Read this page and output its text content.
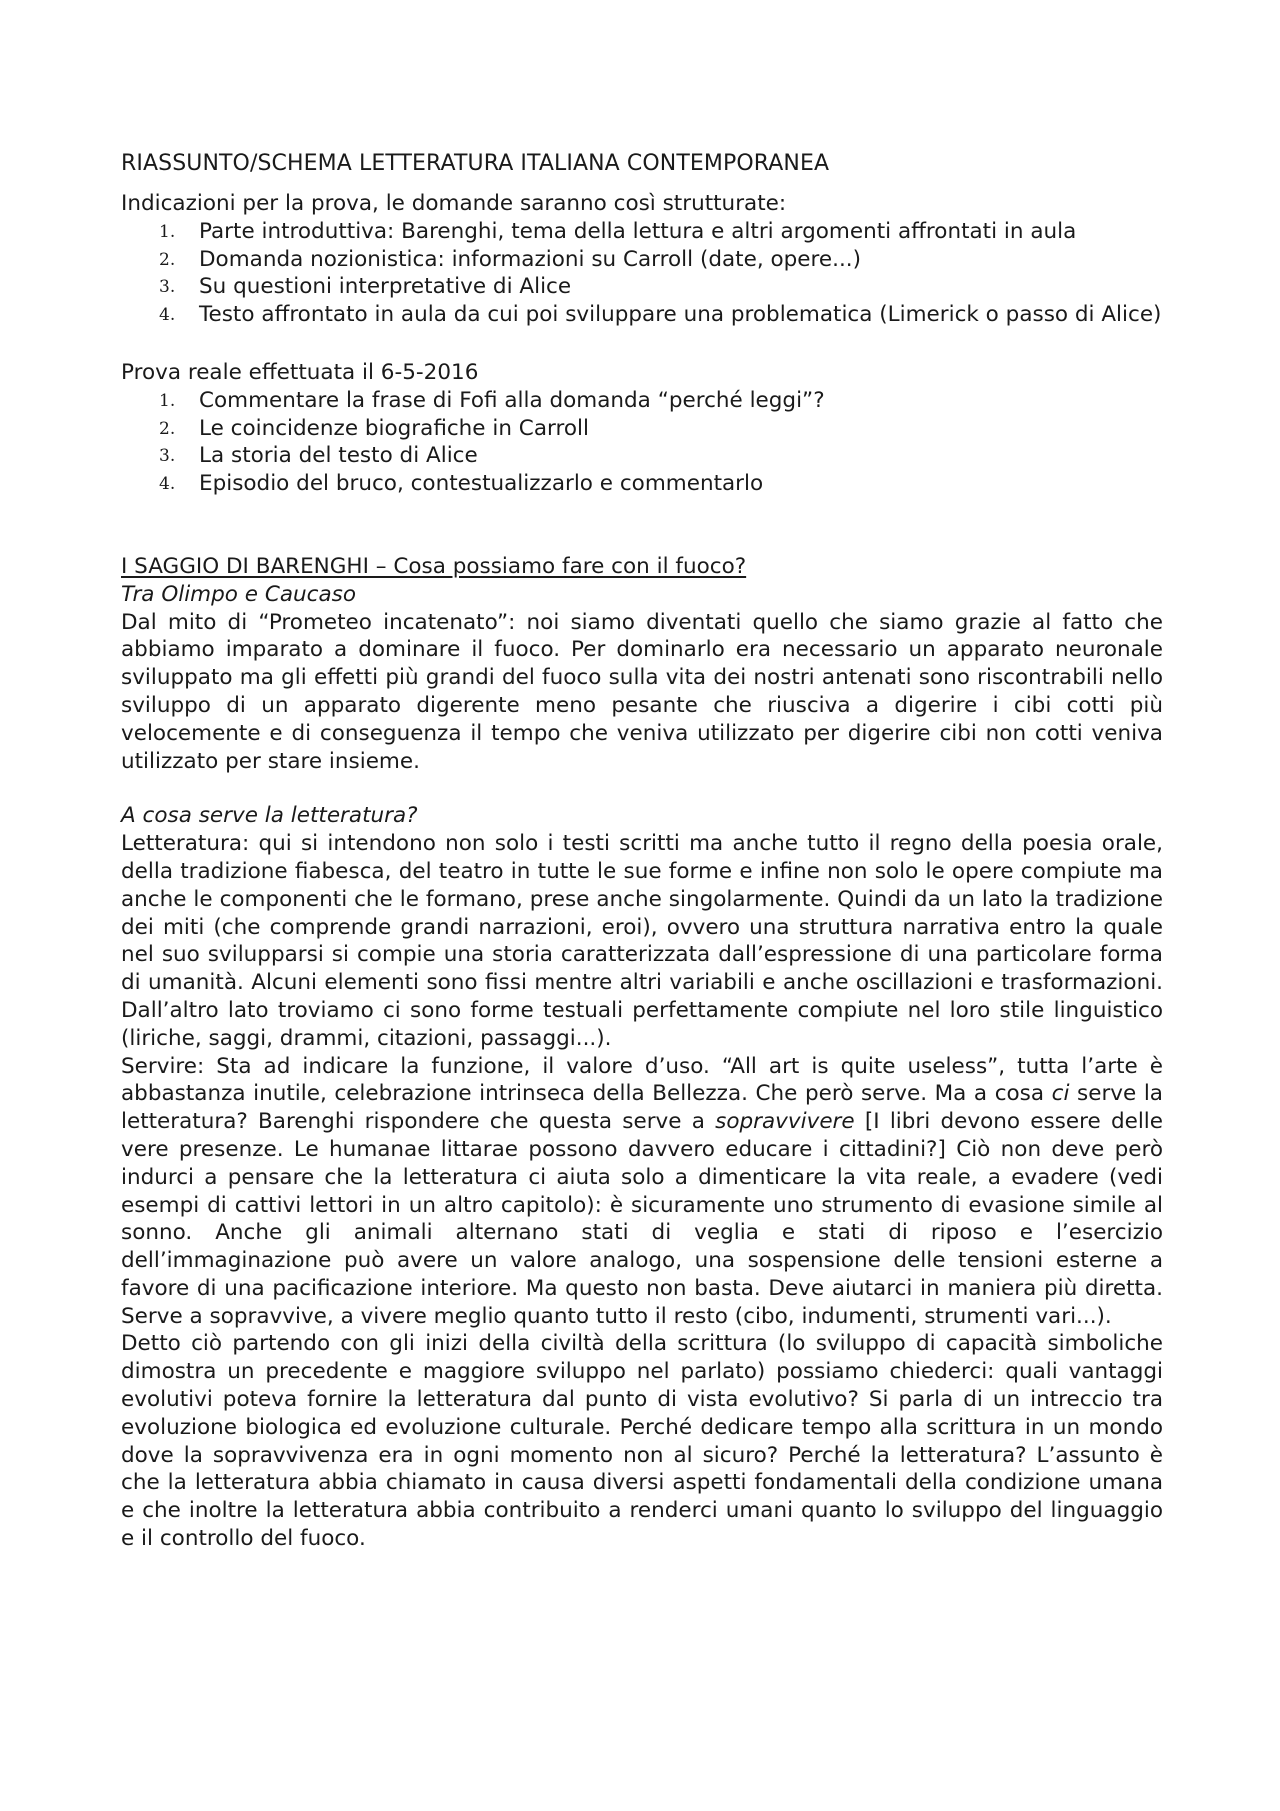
RIASSUNTO/SCHEMA LETTERATURA ITALIANA CONTEMPORANEA

Indicazioni per la prova, le domande saranno così strutturate:

1. Parte introduttiva: Barenghi, tema della lettura e altri argomenti affrontati in aula
2. Domanda nozionistica: informazioni su Carroll (date, opere...)
3. Su questioni interpretative di Alice
4. Testo affrontato in aula da cui poi sviluppare una problematica (Limerick o passo di Alice)

Prova reale effettuata il 6-5-2016

1. Commentare la frase di Fofi alla domanda “perché leggi”?
2. Le coincidenze biografiche in Carroll
3. La storia del testo di Alice
4. Episodio del bruco, contestualizzarlo e commentarlo

I SAGGIO DI BARENGHI – Cosa possiamo fare con il fuoco?

Tra Olimpo e Caucaso

Dal mito di “Prometeo incatenato”: noi siamo diventati quello che siamo grazie al fatto che abbiamo imparato a dominare il fuoco. Per dominarlo era necessario un apparato neuronale sviluppato ma gli effetti più grandi del fuoco sulla vita dei nostri antenati sono riscontrabili nello sviluppo di un apparato digerente meno pesante che riusciva a digerire i cibi cotti più velocemente e di conseguenza il tempo che veniva utilizzato per digerire cibi non cotti veniva utilizzato per stare insieme.

A cosa serve la letteratura?

Letteratura: qui si intendono non solo i testi scritti ma anche tutto il regno della poesia orale, della tradizione fiabesca, del teatro in tutte le sue forme e infine non solo le opere compiute ma anche le componenti che le formano, prese anche singolarmente. Quindi da un lato la tradizione dei miti (che comprende grandi narrazioni, eroi), ovvero una struttura narrativa entro la quale nel suo svilupparsi si compie una storia caratterizzata dall’espressione di una particolare forma di umanità. Alcuni elementi sono fissi mentre altri variabili e anche oscillazioni e trasformazioni. Dall’altro lato troviamo ci sono forme testuali perfettamente compiute nel loro stile linguistico (liriche, saggi, drammi, citazioni, passaggi...).

Servire: Sta ad indicare la funzione, il valore d’uso. “All art is quite useless”, tutta l’arte è abbastanza inutile, celebrazione intrinseca della Bellezza. Che però serve. Ma a cosa ci serve la letteratura? Barenghi rispondere che questa serve a sopravvivere [I libri devono essere delle vere presenze. Le humanae littarae possono davvero educare i cittadini?] Ciò non deve però indurci a pensare che la letteratura ci aiuta solo a dimenticare la vita reale, a evadere (vedi esempi di cattivi lettori in un altro capitolo): è sicuramente uno strumento di evasione simile al sonno. Anche gli animali alternano stati di veglia e stati di riposo e l’esercizio dell’immaginazione può avere un valore analogo, una sospensione delle tensioni esterne a favore di una pacificazione interiore. Ma questo non basta. Deve aiutarci in maniera più diretta. Serve a sopravvive, a vivere meglio quanto tutto il resto (cibo, indumenti, strumenti vari...).

Detto ciò partendo con gli inizi della civiltà della scrittura (lo sviluppo di capacità simboliche dimostra un precedente e maggiore sviluppo nel parlato) possiamo chiederci: quali vantaggi evolutivi poteva fornire la letteratura dal punto di vista evolutivo? Si parla di un intreccio tra evoluzione biologica ed evoluzione culturale. Perché dedicare tempo alla scrittura in un mondo dove la sopravvivenza era in ogni momento non al sicuro? Perché la letteratura? L’assunto è che la letteratura abbia chiamato in causa diversi aspetti fondamentali della condizione umana e che inoltre la letteratura abbia contribuito a renderci umani quanto lo sviluppo del linguaggio e il controllo del fuoco.
